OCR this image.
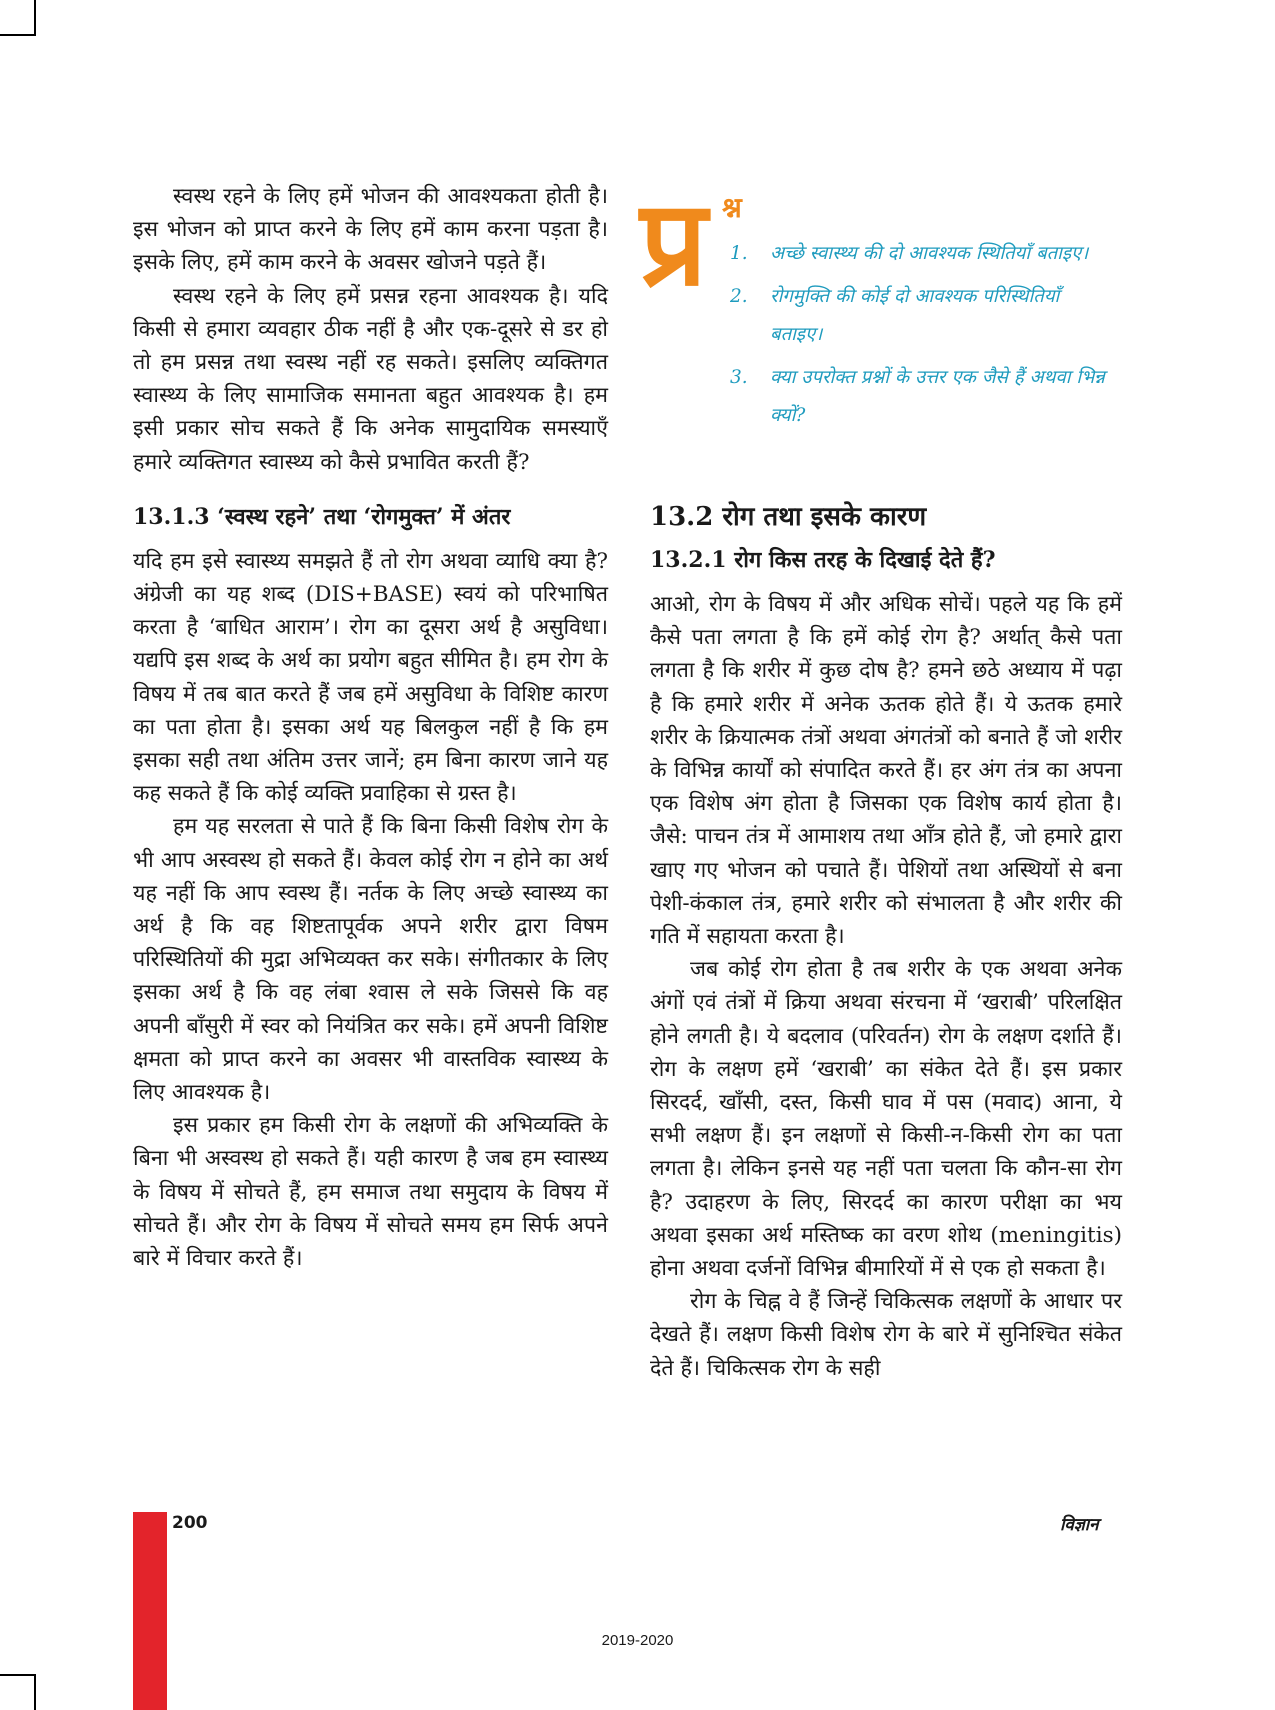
स्वस्थ रहने के लिए हमें भोजन की आवश्यकता होती है। इस भोजन को प्राप्त करने के लिए हमें काम करना पड़ता है। इसके लिए, हमें काम करने के अवसर खोजने पड़ते हैं।

स्वस्थ रहने के लिए हमें प्रसन्न रहना आवश्यक है। यदि किसी से हमारा व्यवहार ठीक नहीं है और एक-दूसरे से डर हो तो हम प्रसन्न तथा स्वस्थ नहीं रह सकते। इसलिए व्यक्तिगत स्वास्थ्य के लिए सामाजिक समानता बहुत आवश्यक है। हम इसी प्रकार सोच सकते हैं कि अनेक सामुदायिक समस्याएँ हमारे व्यक्तिगत स्वास्थ्य को कैसे प्रभावित करती हैं?

13.1.3 ‘स्वस्थ रहने’ तथा ‘रोगमुक्त’ में अंतर

यदि हम इसे स्वास्थ्य समझते हैं तो रोग अथवा व्याधि क्या है? अंग्रेजी का यह शब्द (DIS+BASE) स्वयं को परिभाषित करता है ‘बाधित आराम’। रोग का दूसरा अर्थ है असुविधा। यद्यपि इस शब्द के अर्थ का प्रयोग बहुत सीमित है। हम रोग के विषय में तब बात करते हैं जब हमें असुविधा के विशिष्ट कारण का पता होता है। इसका अर्थ यह बिलकुल नहीं है कि हम इसका सही तथा अंतिम उत्तर जानें; हम बिना कारण जाने यह कह सकते हैं कि कोई व्यक्ति प्रवाहिका से ग्रस्त है।

हम यह सरलता से पाते हैं कि बिना किसी विशेष रोग के भी आप अस्वस्थ हो सकते हैं। केवल कोई रोग न होने का अर्थ यह नहीं कि आप स्वस्थ हैं। नर्तक के लिए अच्छे स्वास्थ्य का अर्थ है कि वह शिष्टतापूर्वक अपने शरीर द्वारा विषम परिस्थितियों की मुद्रा अभिव्यक्त कर सके। संगीतकार के लिए इसका अर्थ है कि वह लंबा श्वास ले सके जिससे कि वह अपनी बाँसुरी में स्वर को नियंत्रित कर सके। हमें अपनी विशिष्ट क्षमता को प्राप्त करने का अवसर भी वास्तविक स्वास्थ्य के लिए आवश्यक है।

इस प्रकार हम किसी रोग के लक्षणों की अभिव्यक्ति के बिना भी अस्वस्थ हो सकते हैं। यही कारण है जब हम स्वास्थ्य के विषय में सोचते हैं, हम समाज तथा समुदाय के विषय में सोचते हैं। और रोग के विषय में सोचते समय हम सिर्फ अपने बारे में विचार करते हैं।

प्र श्न
1. अच्छे स्वास्थ्य की दो आवश्यक स्थितियाँ बताइए।
2. रोगमुक्ति की कोई दो आवश्यक परिस्थितियाँ बताइए।
3. क्या उपरोक्त प्रश्नों के उत्तर एक जैसे हैं अथवा भिन्न क्यों?
13.2 रोग तथा इसके कारण
13.2.1 रोग किस तरह के दिखाई देते हैं?

आओ, रोग के विषय में और अधिक सोचें। पहले यह कि हमें कैसे पता लगता है कि हमें कोई रोग है? अर्थात् कैसे पता लगता है कि शरीर में कुछ दोष है? हमने छठे अध्याय में पढ़ा है कि हमारे शरीर में अनेक ऊतक होते हैं। ये ऊतक हमारे शरीर के क्रियात्मक तंत्रों अथवा अंगतंत्रों को बनाते हैं जो शरीर के विभिन्न कार्यों को संपादित करते हैं। हर अंग तंत्र का अपना एक विशेष अंग होता है जिसका एक विशेष कार्य होता है। जैसे: पाचन तंत्र में आमाशय तथा आँत्र होते हैं, जो हमारे द्वारा खाए गए भोजन को पचाते हैं। पेशियों तथा अस्थियों से बना पेशी-कंकाल तंत्र, हमारे शरीर को संभालता है और शरीर की गति में सहायता करता है।

जब कोई रोग होता है तब शरीर के एक अथवा अनेक अंगों एवं तंत्रों में क्रिया अथवा संरचना में ‘खराबी’ परिलक्षित होने लगती है। ये बदलाव (परिवर्तन) रोग के लक्षण दर्शाते हैं। रोग के लक्षण हमें ‘खराबी’ का संकेत देते हैं। इस प्रकार सिरदर्द, खाँसी, दस्त, किसी घाव में पस (मवाद) आना, ये सभी लक्षण हैं। इन लक्षणों से किसी-न-किसी रोग का पता लगता है। लेकिन इनसे यह नहीं पता चलता कि कौन-सा रोग है? उदाहरण के लिए, सिरदर्द का कारण परीक्षा का भय अथवा इसका अर्थ मस्तिष्क का वरण शोथ (meningitis) होना अथवा दर्जनों विभिन्न बीमारियों में से एक हो सकता है।

रोग के चिह्न वे हैं जिन्हें चिकित्सक लक्षणों के आधार पर देखते हैं। लक्षण किसी विशेष रोग के बारे में सुनिश्चित संकेत देते हैं। चिकित्सक रोग के सही

200	विज्ञान
2019-2020
